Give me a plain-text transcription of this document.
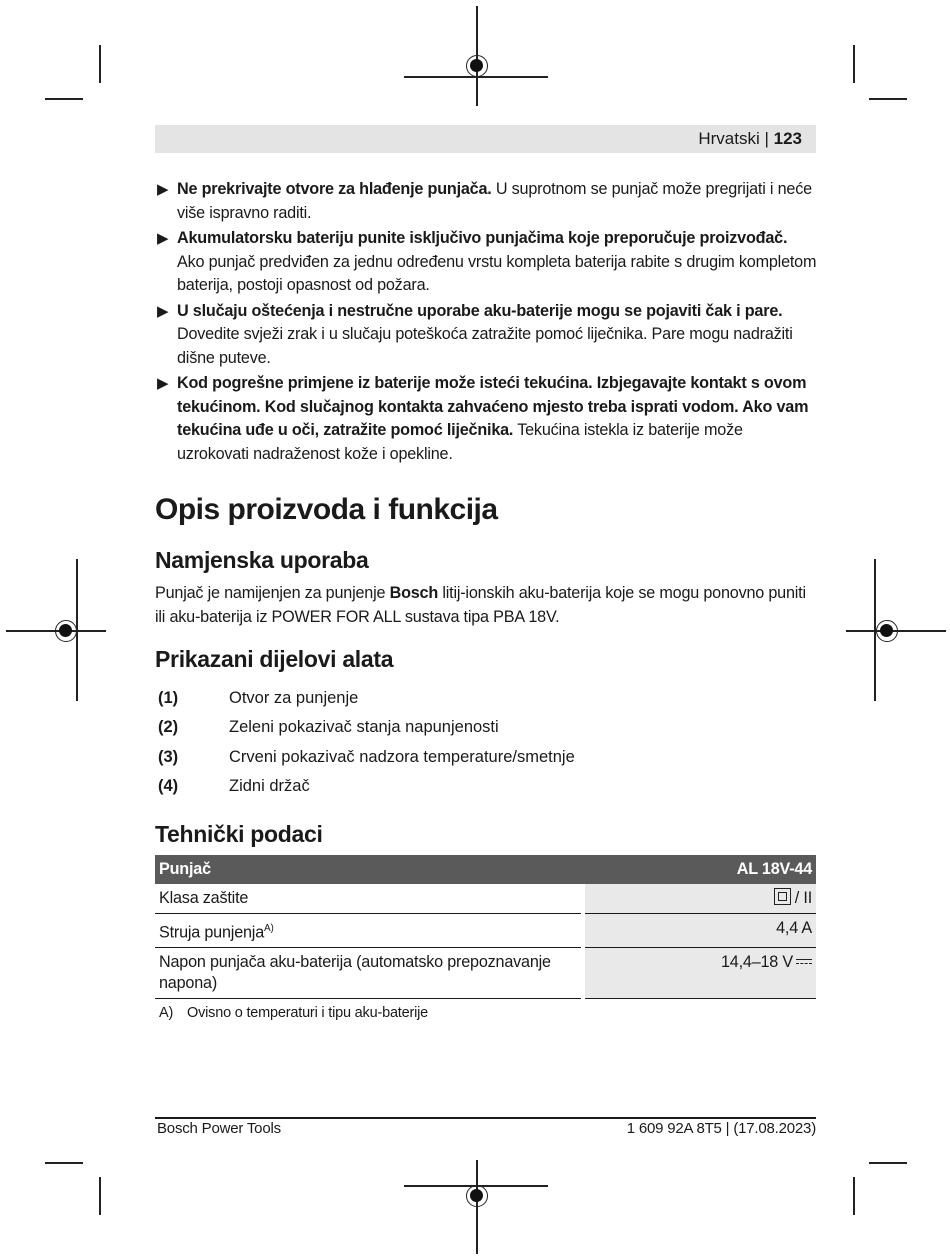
Hrvatski | 123
▶ Ne prekrivajte otvore za hlađenje punjača. U suprotnom se punjač može pregrijati i neće više ispravno raditi.
▶ Akumulatorsku bateriju punite isključivo punjačima koje preporučuje proizvođač. Ako punjač predviđen za jednu određenu vrstu kompleta baterija rabite s drugim kompletom baterija, postoji opasnost od požara.
▶ U slučaju oštećenja i nestručne uporabe aku-baterije mogu se pojaviti čak i pare. Dovedite svježi zrak i u slučaju poteškoća zatražite pomoć liječnika. Pare mogu nadražiti dišne puteve.
▶ Kod pogrešne primjene iz baterije može isteći tekućina. Izbjegavajte kontakt s ovom tekućinom. Kod slučajnog kontakta zahvaćeno mjesto treba isprati vodom. Ako vam tekućina uđe u oči, zatražite pomoć liječnika. Tekućina istekla iz baterije može uzrokovati nadraženost kože i opekline.
Opis proizvoda i funkcija
Namjenska uporaba
Punjač je namijenjen za punjenje Bosch litij-ionskih aku-baterija koje se mogu ponovno puniti ili aku-baterija iz POWER FOR ALL sustava tipa PBA 18V.
Prikazani dijelovi alata
(1)	Otvor za punjenje
(2)	Zeleni pokazivač stanja napunjenosti
(3)	Crveni pokazivač nadzora temperature/smetnje
(4)	Zidni držač
Tehnički podaci
Punjač	AL 18V-44
Klasa zaštite	/ II
Struja punjenja$^{A)}$	4,4 A
Napon punjača aku-baterija (automatsko prepoznavanje napona)	14,4–18 V
A) Ovisno o temperaturi i tipu aku-baterije
Bosch Power Tools	1 609 92A 8T5 | (17.08.2023)
